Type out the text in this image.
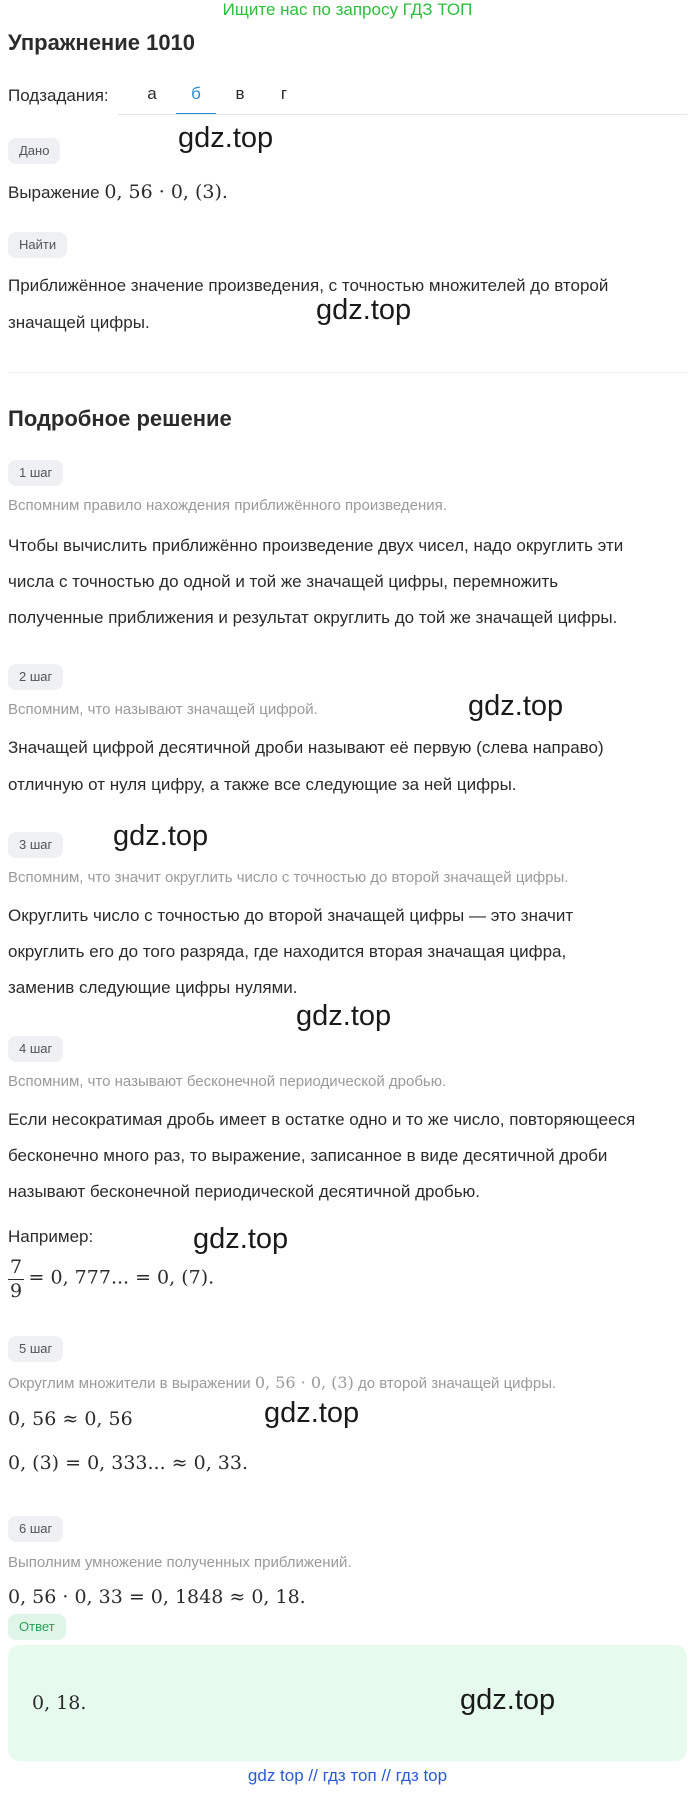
Ищите нас по запросу ГДЗ ТОП
Упражнение 1010
Подзадания:	а	б	в	г
Дано
Выражение 0, 56 · 0, (3).
Найти
Приближённое значение произведения, с точностью множителей до второй
значащей цифры.
Подробное решение
1 шаг
Вспомним правило нахождения приближённого произведения.
Чтобы вычислить приближённо произведение двух чисел, надо округлить эти
числа с точностью до одной и той же значащей цифры, перемножить
полученные приближения и результат округлить до той же значащей цифры.
2 шаг
Вспомним, что называют значащей цифрой.
Значащей цифрой десятичной дроби называют её первую (слева направо)
отличную от нуля цифру, а также все следующие за ней цифры.
3 шаг
Вспомним, что значит округлить число с точностью до второй значащей цифры.
Округлить число с точностью до второй значащей цифры — это значит
округлить его до того разряда, где находится вторая значащая цифра,
заменив следующие цифры нулями.
4 шаг
Вспомним, что называют бесконечной периодической дробью.
Если несократимая дробь имеет в остатке одно и то же число, повторяющееся
бесконечно много раз, то выражение, записанное в виде десятичной дроби
называют бесконечной периодической десятичной дробью.
Например:
$\frac{7}{9} = 0$, 777... = 0, (7).
5 шаг
Округлим множители в выражении 0, 56 · 0, (3) до второй значащей цифры.
0, 56 ≈ 0, 56
0, (3) = 0, 333... ≈ 0, 33.
6 шаг
Выполним умножение полученных приближений.
0, 56 · 0, 33 = 0, 1848 ≈ 0, 18.
Ответ
0, 18.
gdz.top
gdz.top
gdz.top
gdz.top
gdz.top
gdz.top
gdz.top
gdz.top
gdz top // гдз топ // гдз top
